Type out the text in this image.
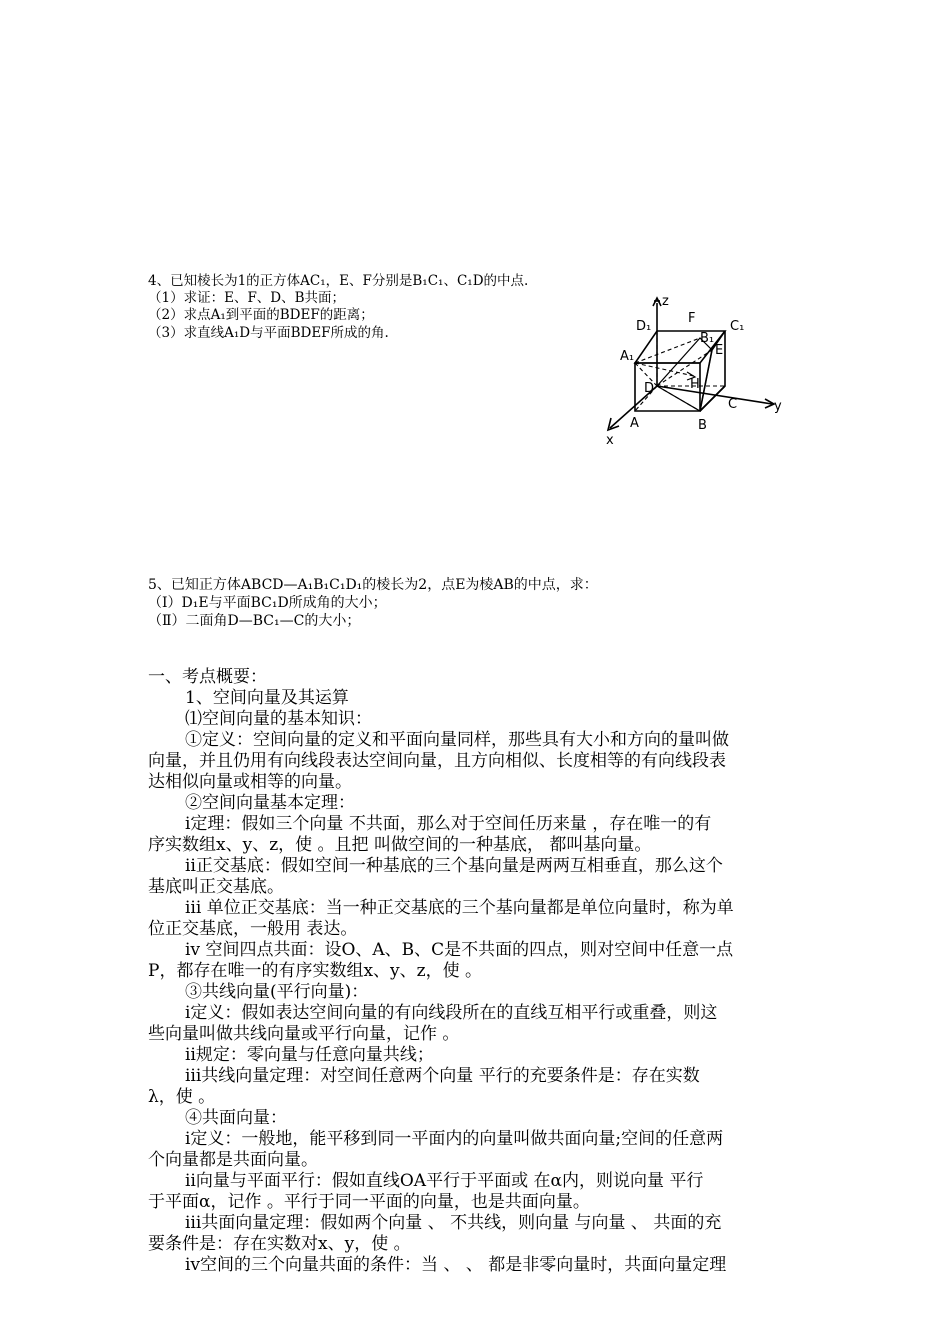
4、已知棱长为1的正方体AC₁，E、F分别是B₁C₁、C₁D的中点.
（1）求证：E、F、D、B共面；
（2）求点A₁到平面的BDEF的距离；
（3）求直线A₁D与平面BDEF所成的角.
z
y
x
A	B
C
D
A₁
B₁
C₁
D₁
E
F
H
5、已知正方体ABCD—A₁B₁C₁D₁的棱长为2，点E为棱AB的中点，求：
（Ⅰ）D₁E与平面BC₁D所成角的大小；
（Ⅱ）二面角D—BC₁—C的大小；
一、考点概要：
1、空间向量及其运算
⑴空间向量的基本知识：
①定义：空间向量的定义和平面向量同样，那些具有大小和方向的量叫做
向量，并且仍用有向线段表达空间向量，且方向相似、长度相等的有向线段表
达相似向量或相等的向量。
②空间向量基本定理：
ⅰ定理：假如三个向量 不共面，那么对于空间任历来量 ，存在唯一的有
序实数组x、y、z，使 。且把 叫做空间的一种基底， 都叫基向量。
ⅱ正交基底：假如空间一种基底的三个基向量是两两互相垂直，那么这个
基底叫正交基底。
ⅲ 单位正交基底：当一种正交基底的三个基向量都是单位向量时，称为单
位正交基底，一般用 表达。
ⅳ 空间四点共面：设O、A、B、C是不共面的四点，则对空间中任意一点
P，都存在唯一的有序实数组x、y、z，使 。
③共线向量(平行向量)：
ⅰ定义：假如表达空间向量的有向线段所在的直线互相平行或重叠，则这
些向量叫做共线向量或平行向量，记作 。
ⅱ规定：零向量与任意向量共线；
ⅲ共线向量定理：对空间任意两个向量 平行的充要条件是：存在实数
λ，使 。
④共面向量：
ⅰ定义：一般地，能平移到同一平面内的向量叫做共面向量;空间的任意两
个向量都是共面向量。
ⅱ向量与平面平行：假如直线OA平行于平面或 在α内，则说向量 平行
于平面α，记作 。平行于同一平面的向量，也是共面向量。
ⅲ共面向量定理：假如两个向量 、 不共线，则向量 与向量 、 共面的充
要条件是：存在实数对x、y，使 。
ⅳ空间的三个向量共面的条件：当 、 、 都是非零向量时，共面向量定理
